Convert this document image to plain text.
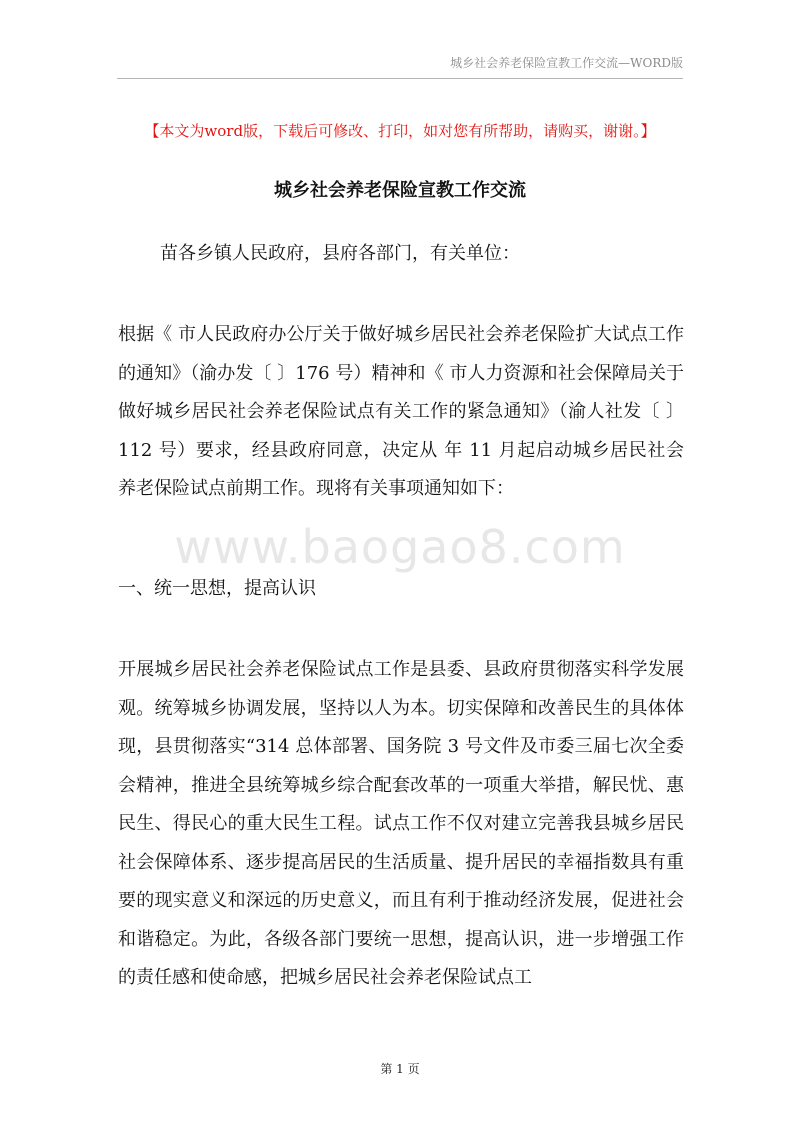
城乡社会养老保险宣教工作交流—WORD版
【本文为word版，下载后可修改、打印，如对您有所帮助，请购买，谢谢。】
城乡社会养老保险宣教工作交流
苗各乡镇人民政府，县府各部门，有关单位：

根据《 市人民政府办公厅关于做好城乡居民社会养老保险扩大试点工作的通知》（渝办发〔 〕176 号）精神和《 市人力资源和社会保障局关于做好城乡居民社会养老保险试点有关工作的紧急通知》（渝人社发〔 〕112 号）要求，经县政府同意，决定从 年 11 月起启动城乡居民社会养老保险试点前期工作。现将有关事项通知如下：

www.baogao8.com
一、统一思想，提高认识

开展城乡居民社会养老保险试点工作是县委、县政府贯彻落实科学发展观。统筹城乡协调发展，坚持以人为本。切实保障和改善民生的具体体现，县贯彻落实“314 总体部署、国务院 3 号文件及市委三届七次全委会精神，推进全县统筹城乡综合配套改革的一项重大举措，解民忧、惠民生、得民心的重大民生工程。试点工作不仅对建立完善我县城乡居民社会保障体系、逐步提高居民的生活质量、提升居民的幸福指数具有重要的现实意义和深远的历史意义，而且有利于推动经济发展，促进社会和谐稳定。为此，各级各部门要统一思想，提高认识，进一步增强工作的责任感和使命感，把城乡居民社会养老保险试点工

第 1 页
